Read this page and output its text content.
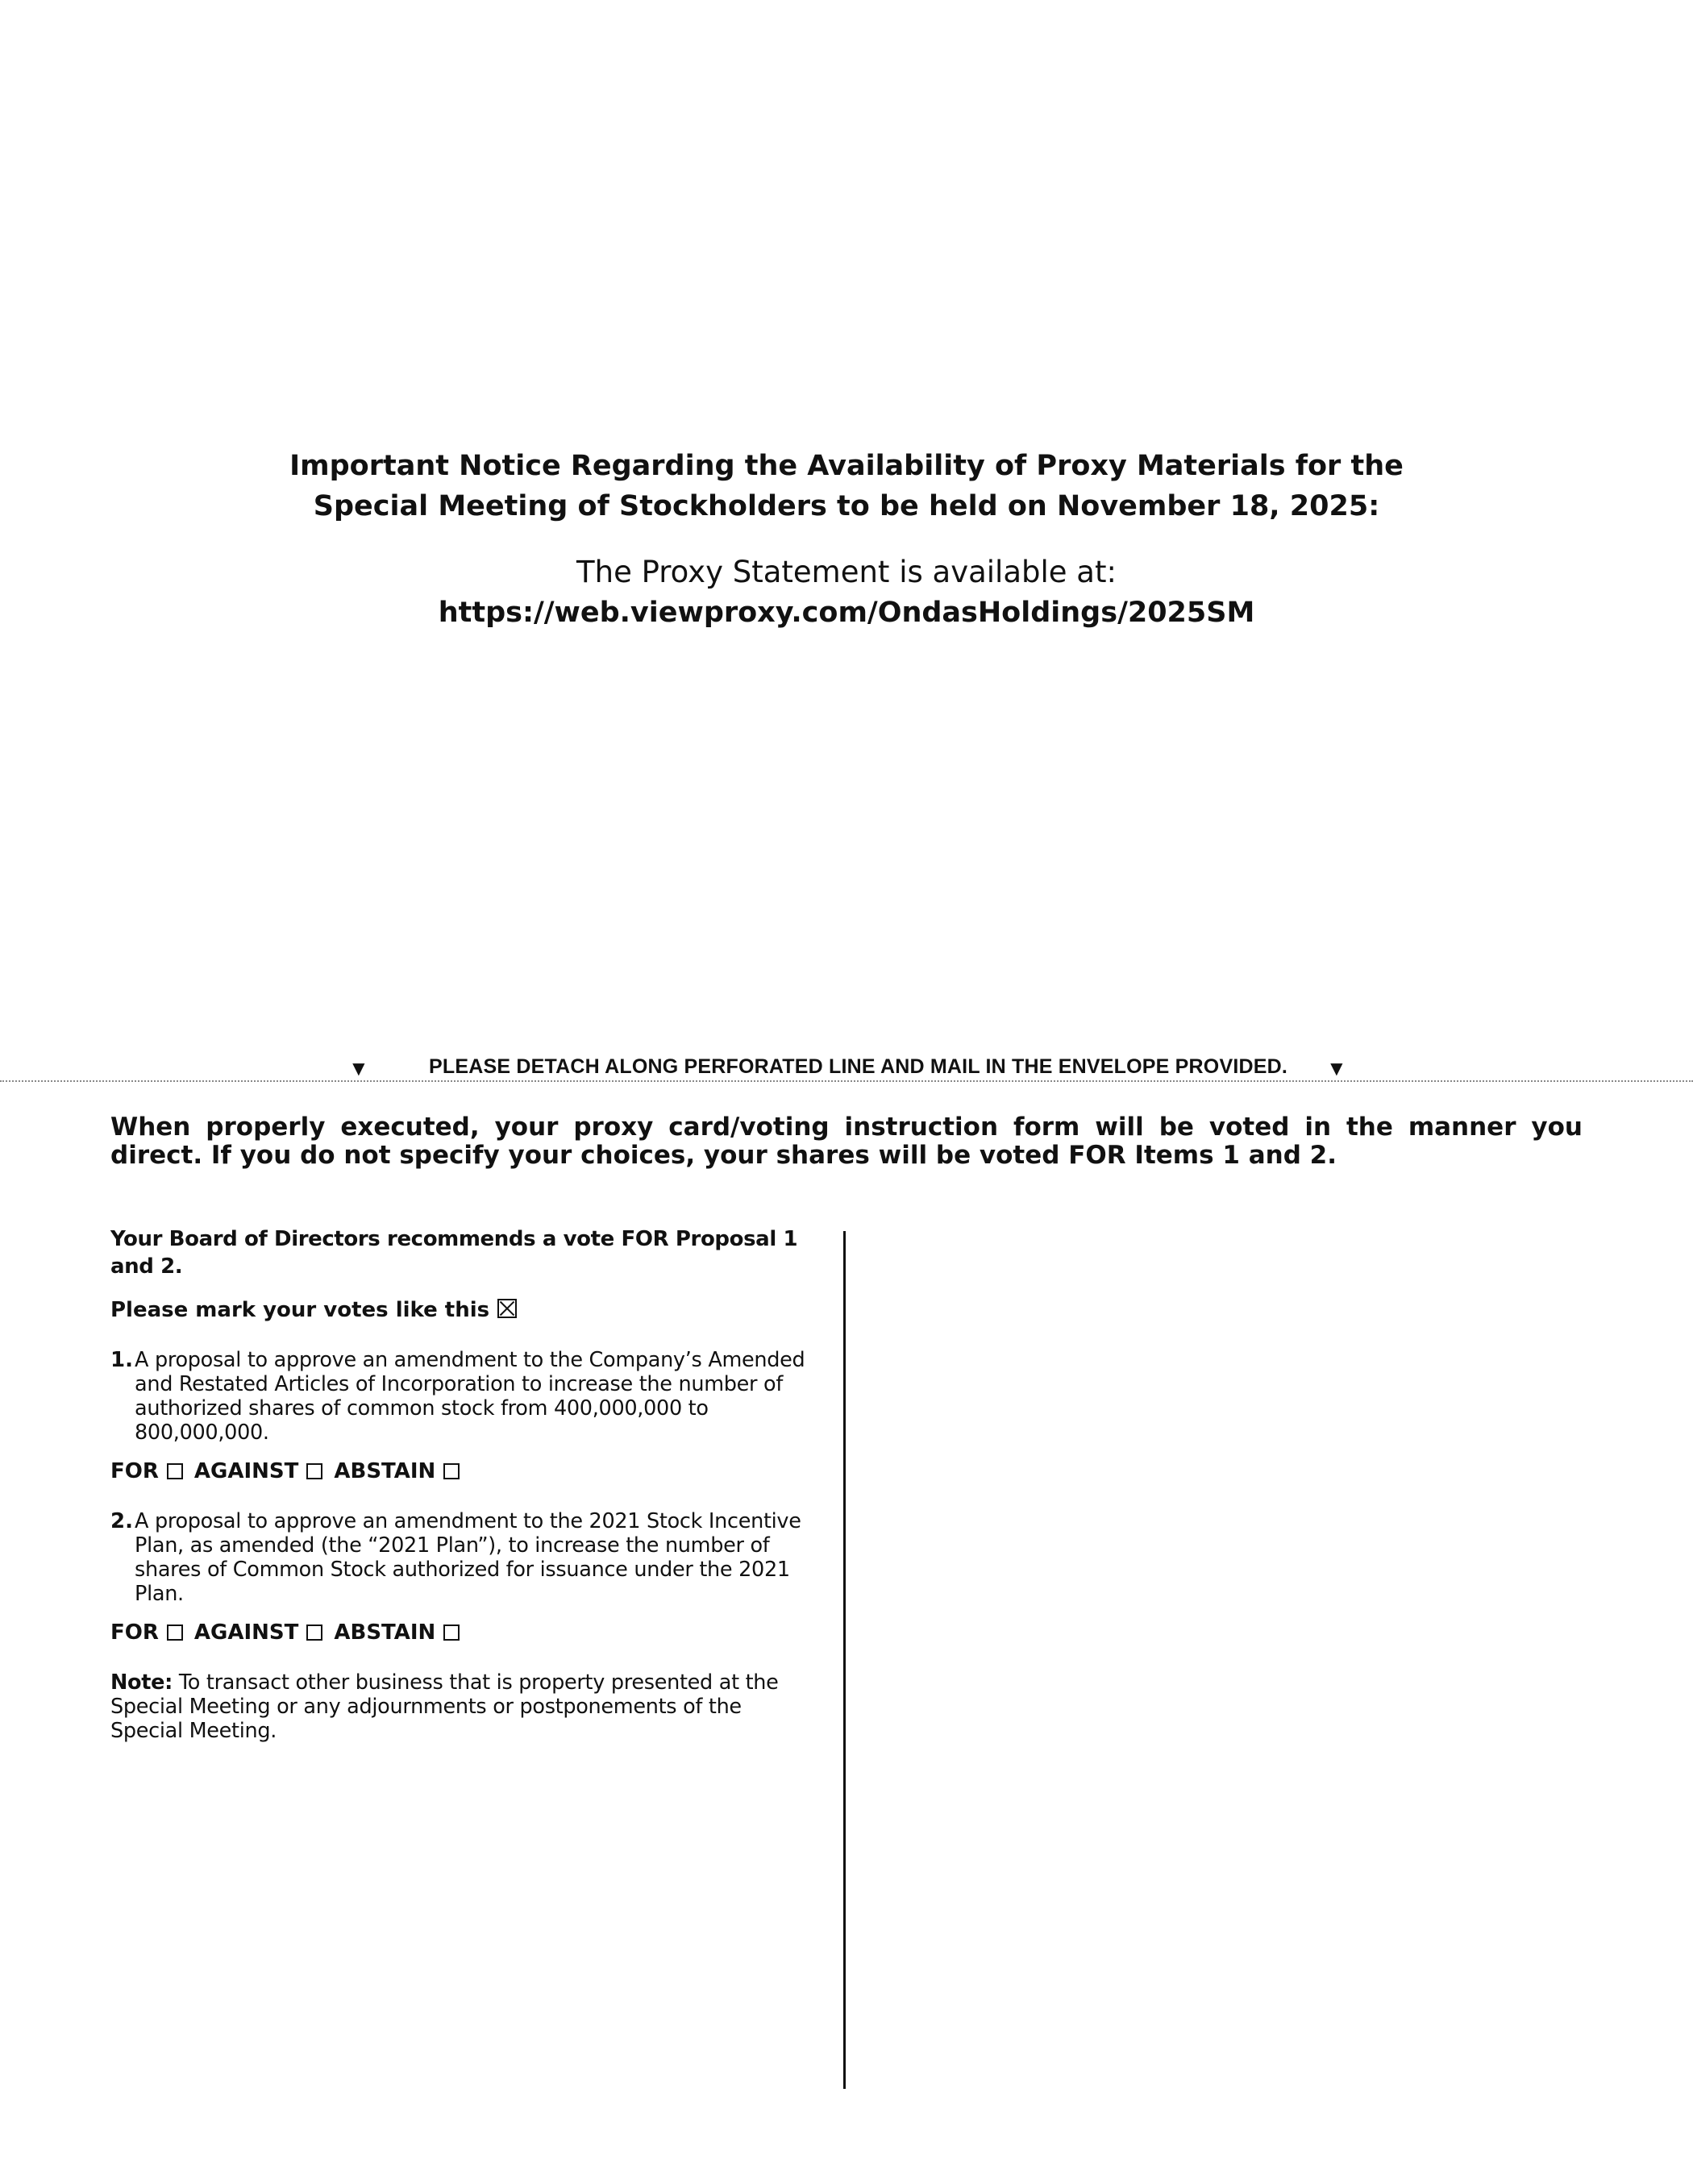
Important Notice Regarding the Availability of Proxy Materials for the

Special Meeting of Stockholders to be held on November 18, 2025:

The Proxy Statement is available at:

https://web.viewproxy.com/OndasHoldings/2025SM

▼	PLEASE DETACH ALONG PERFORATED LINE AND MAIL IN THE ENVELOPE PROVIDED. ▼

When properly executed, your proxy card/voting instruction form will be voted in the manner you direct. If you do not specify your choices, your shares will be voted FOR Items 1 and 2.

Your Board of Directors recommends a vote FOR Proposal 1 and 2.

Please mark your votes like this

1. A proposal to approve an amendment to the Company’s Amended and Restated Articles of Incorporation to increase the number of authorized shares of common stock from 400,000,000 to 800,000,000.
FOR AGAINST ABSTAIN
2. A proposal to approve an amendment to the 2021 Stock Incentive Plan, as amended (the “2021 Plan”), to increase the number of shares of Common Stock authorized for issuance under the 2021 Plan.
FOR AGAINST ABSTAIN

Note: To transact other business that is property presented at the Special Meeting or any adjournments or postponements of the Special Meeting.
